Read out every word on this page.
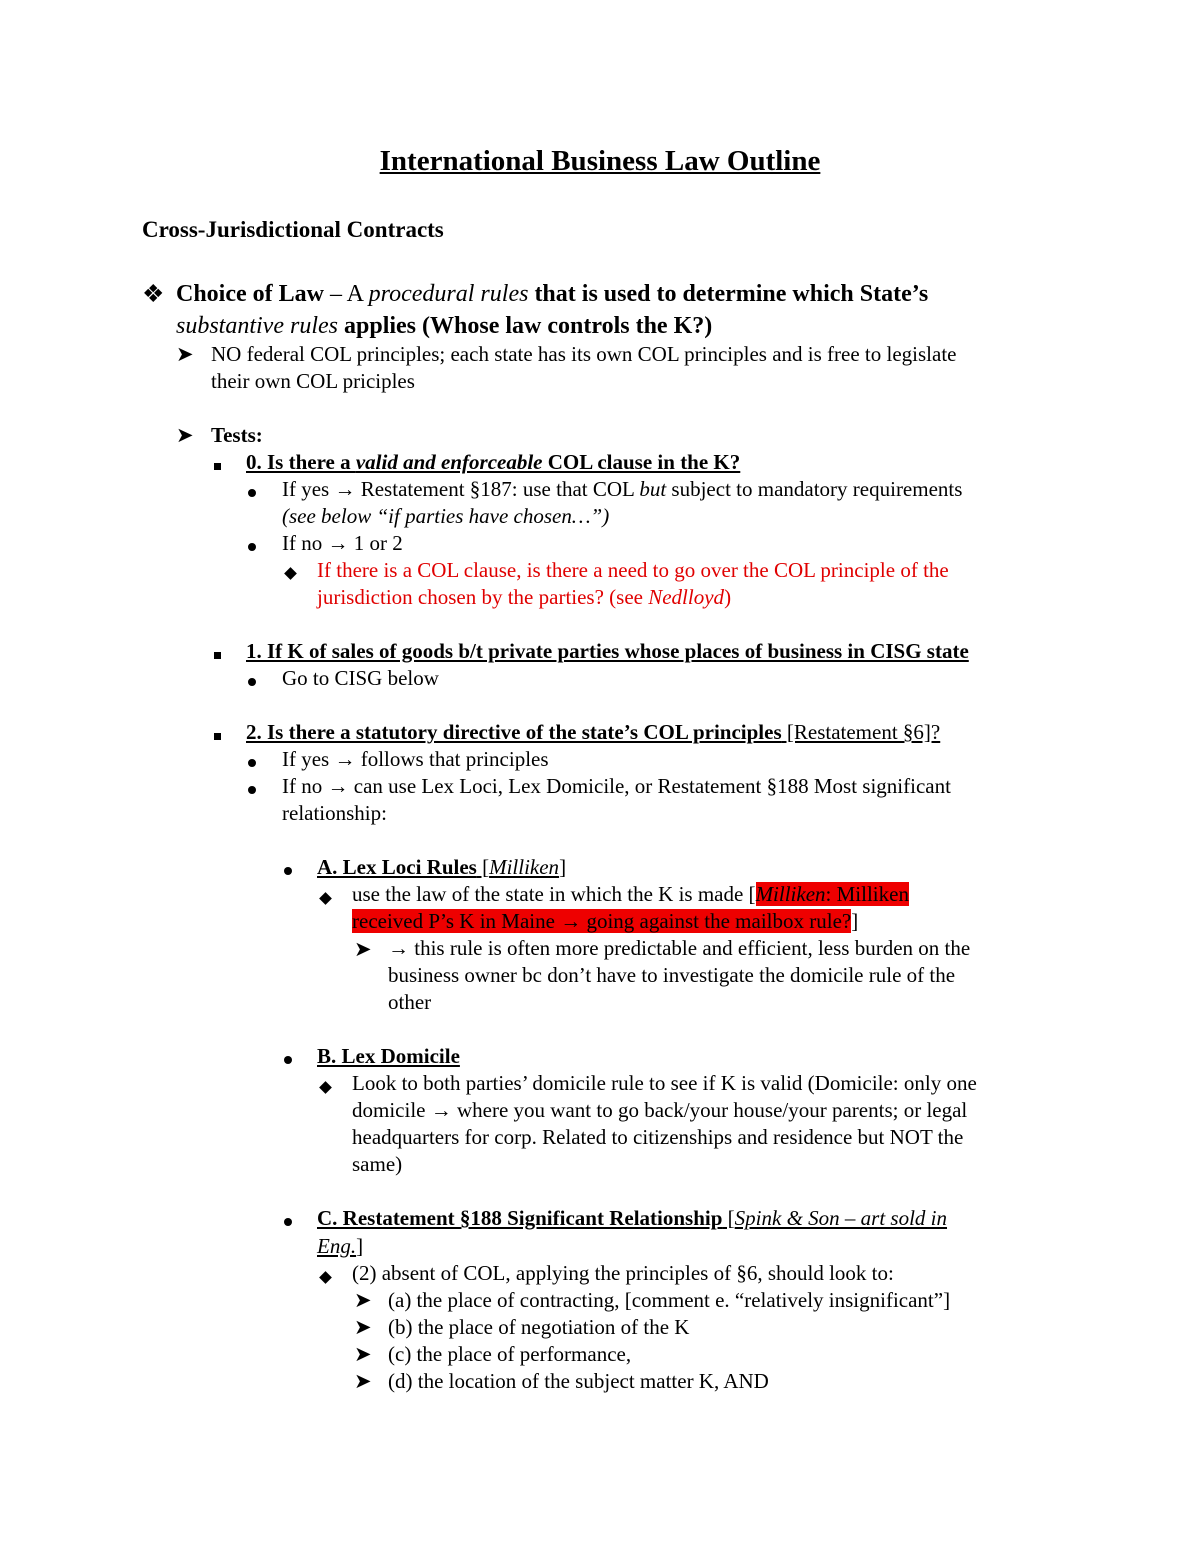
International Business Law Outline
Cross-Jurisdictional Contracts
❖ Choice of Law – A procedural rules that is used to determine which State’s
substantive rules applies (Whose law controls the K?)
➤ NO federal COL principles; each state has its own COL principles and is free to legislate
their own COL priciples
➤ Tests:
0. Is there a valid and enforceable COL clause in the K?
If yes → Restatement §187: use that COL but subject to mandatory requirements
(see below “if parties have chosen…”)
If no → 1 or 2
If there is a COL clause, is there a need to go over the COL principle of the
jurisdiction chosen by the parties? (see Nedlloyd)
1. If K of sales of goods b/t private parties whose places of business in CISG state
Go to CISG below
2. Is there a statutory directive of the state’s COL principles [Restatement §6]?
If yes → follows that principles
If no → can use Lex Loci, Lex Domicile, or Restatement §188 Most significant
relationship:
A. Lex Loci Rules [Milliken]
use the law of the state in which the K is made [Milliken: Milliken
received P’s K in Maine → going against the mailbox rule?]
➤ → this rule is often more predictable and efficient, less burden on the
business owner bc don’t have to investigate the domicile rule of the
other
B. Lex Domicile
Look to both parties’ domicile rule to see if K is valid (Domicile: only one
domicile → where you want to go back/your house/your parents; or legal
headquarters for corp. Related to citizenships and residence but NOT the
same)
C. Restatement §188 Significant Relationship [Spink & Son – art sold in
Eng.]
(2) absent of COL, applying the principles of §6, should look to:
➤ (a) the place of contracting, [comment e. “relatively insignificant”]
➤ (b) the place of negotiation of the K
➤ (c) the place of performance,
➤ (d) the location of the subject matter K, AND
